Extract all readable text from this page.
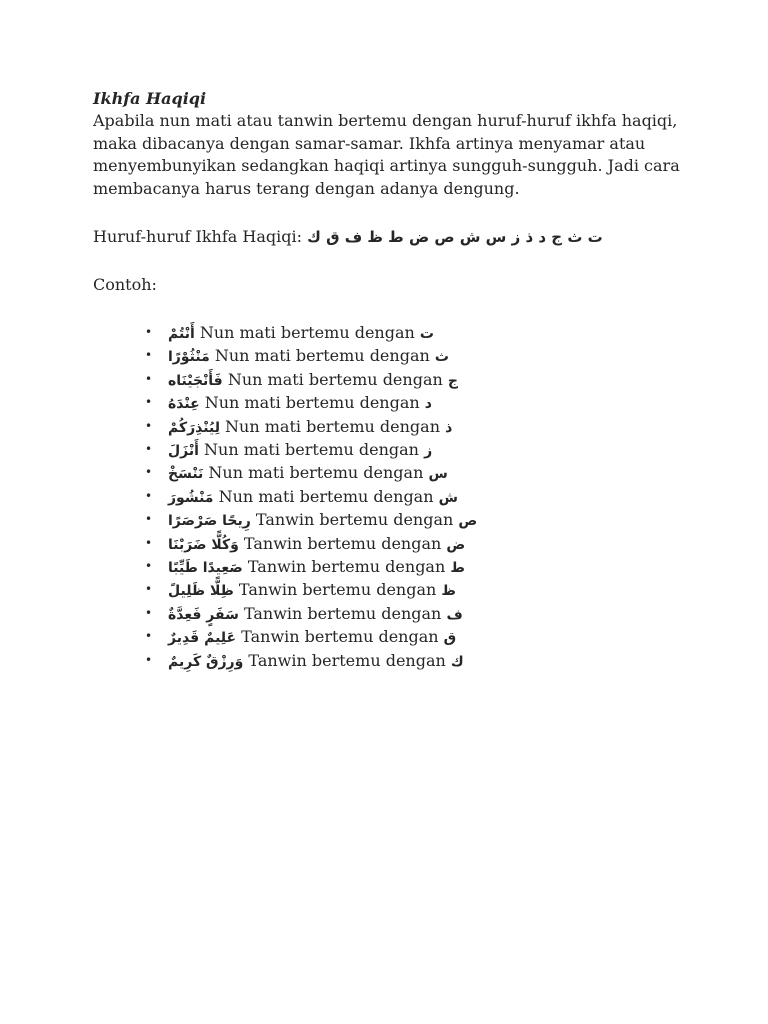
Ikhfa Haqiqi

Apabila nun mati atau tanwin bertemu dengan huruf-huruf ikhfa haqiqi, maka dibacanya dengan samar-samar. Ikhfa artinya menyamar atau menyembunyikan sedangkan haqiqi artinya sungguh-sungguh. Jadi cara membacanya harus terang dengan adanya dengung.

Huruf-huruf Ikhfa Haqiqi: ت ث ج د ذ ز س ش ص ض ط ظ ف ق ك
Contoh:
• أَنْتُمْ Nun mati bertemu dengan ت
• مَنْثُوْرًا Nun mati bertemu dengan ث
• فَأَنْجَيْنَاه Nun mati bertemu dengan ج
• عِنْدَهُ Nun mati bertemu dengan د
• لِيُنْذِرَكُمْ Nun mati bertemu dengan ذ
• أَنْزَلَ Nun mati bertemu dengan ز
• نَنْسَخْ Nun mati bertemu dengan س
• مَنْشُورَ Nun mati bertemu dengan ش
• رِيحًا صَرْصَرًا Tanwin bertemu dengan ص
• وَكُلًّا ضَرَبْنَا Tanwin bertemu dengan ض
• صَعِيدًا طَيِّبًا Tanwin bertemu dengan ط
• ظِلًّا ظَلِيلً Tanwin bertemu dengan ظ
• سَفَرٍ فَعِدَّةٌ Tanwin bertemu dengan ف
• عَلِيمٌ قَدِيرٌ Tanwin bertemu dengan ق
• وَرِزْقٌ كَرِيمٌ Tanwin bertemu dengan ك
